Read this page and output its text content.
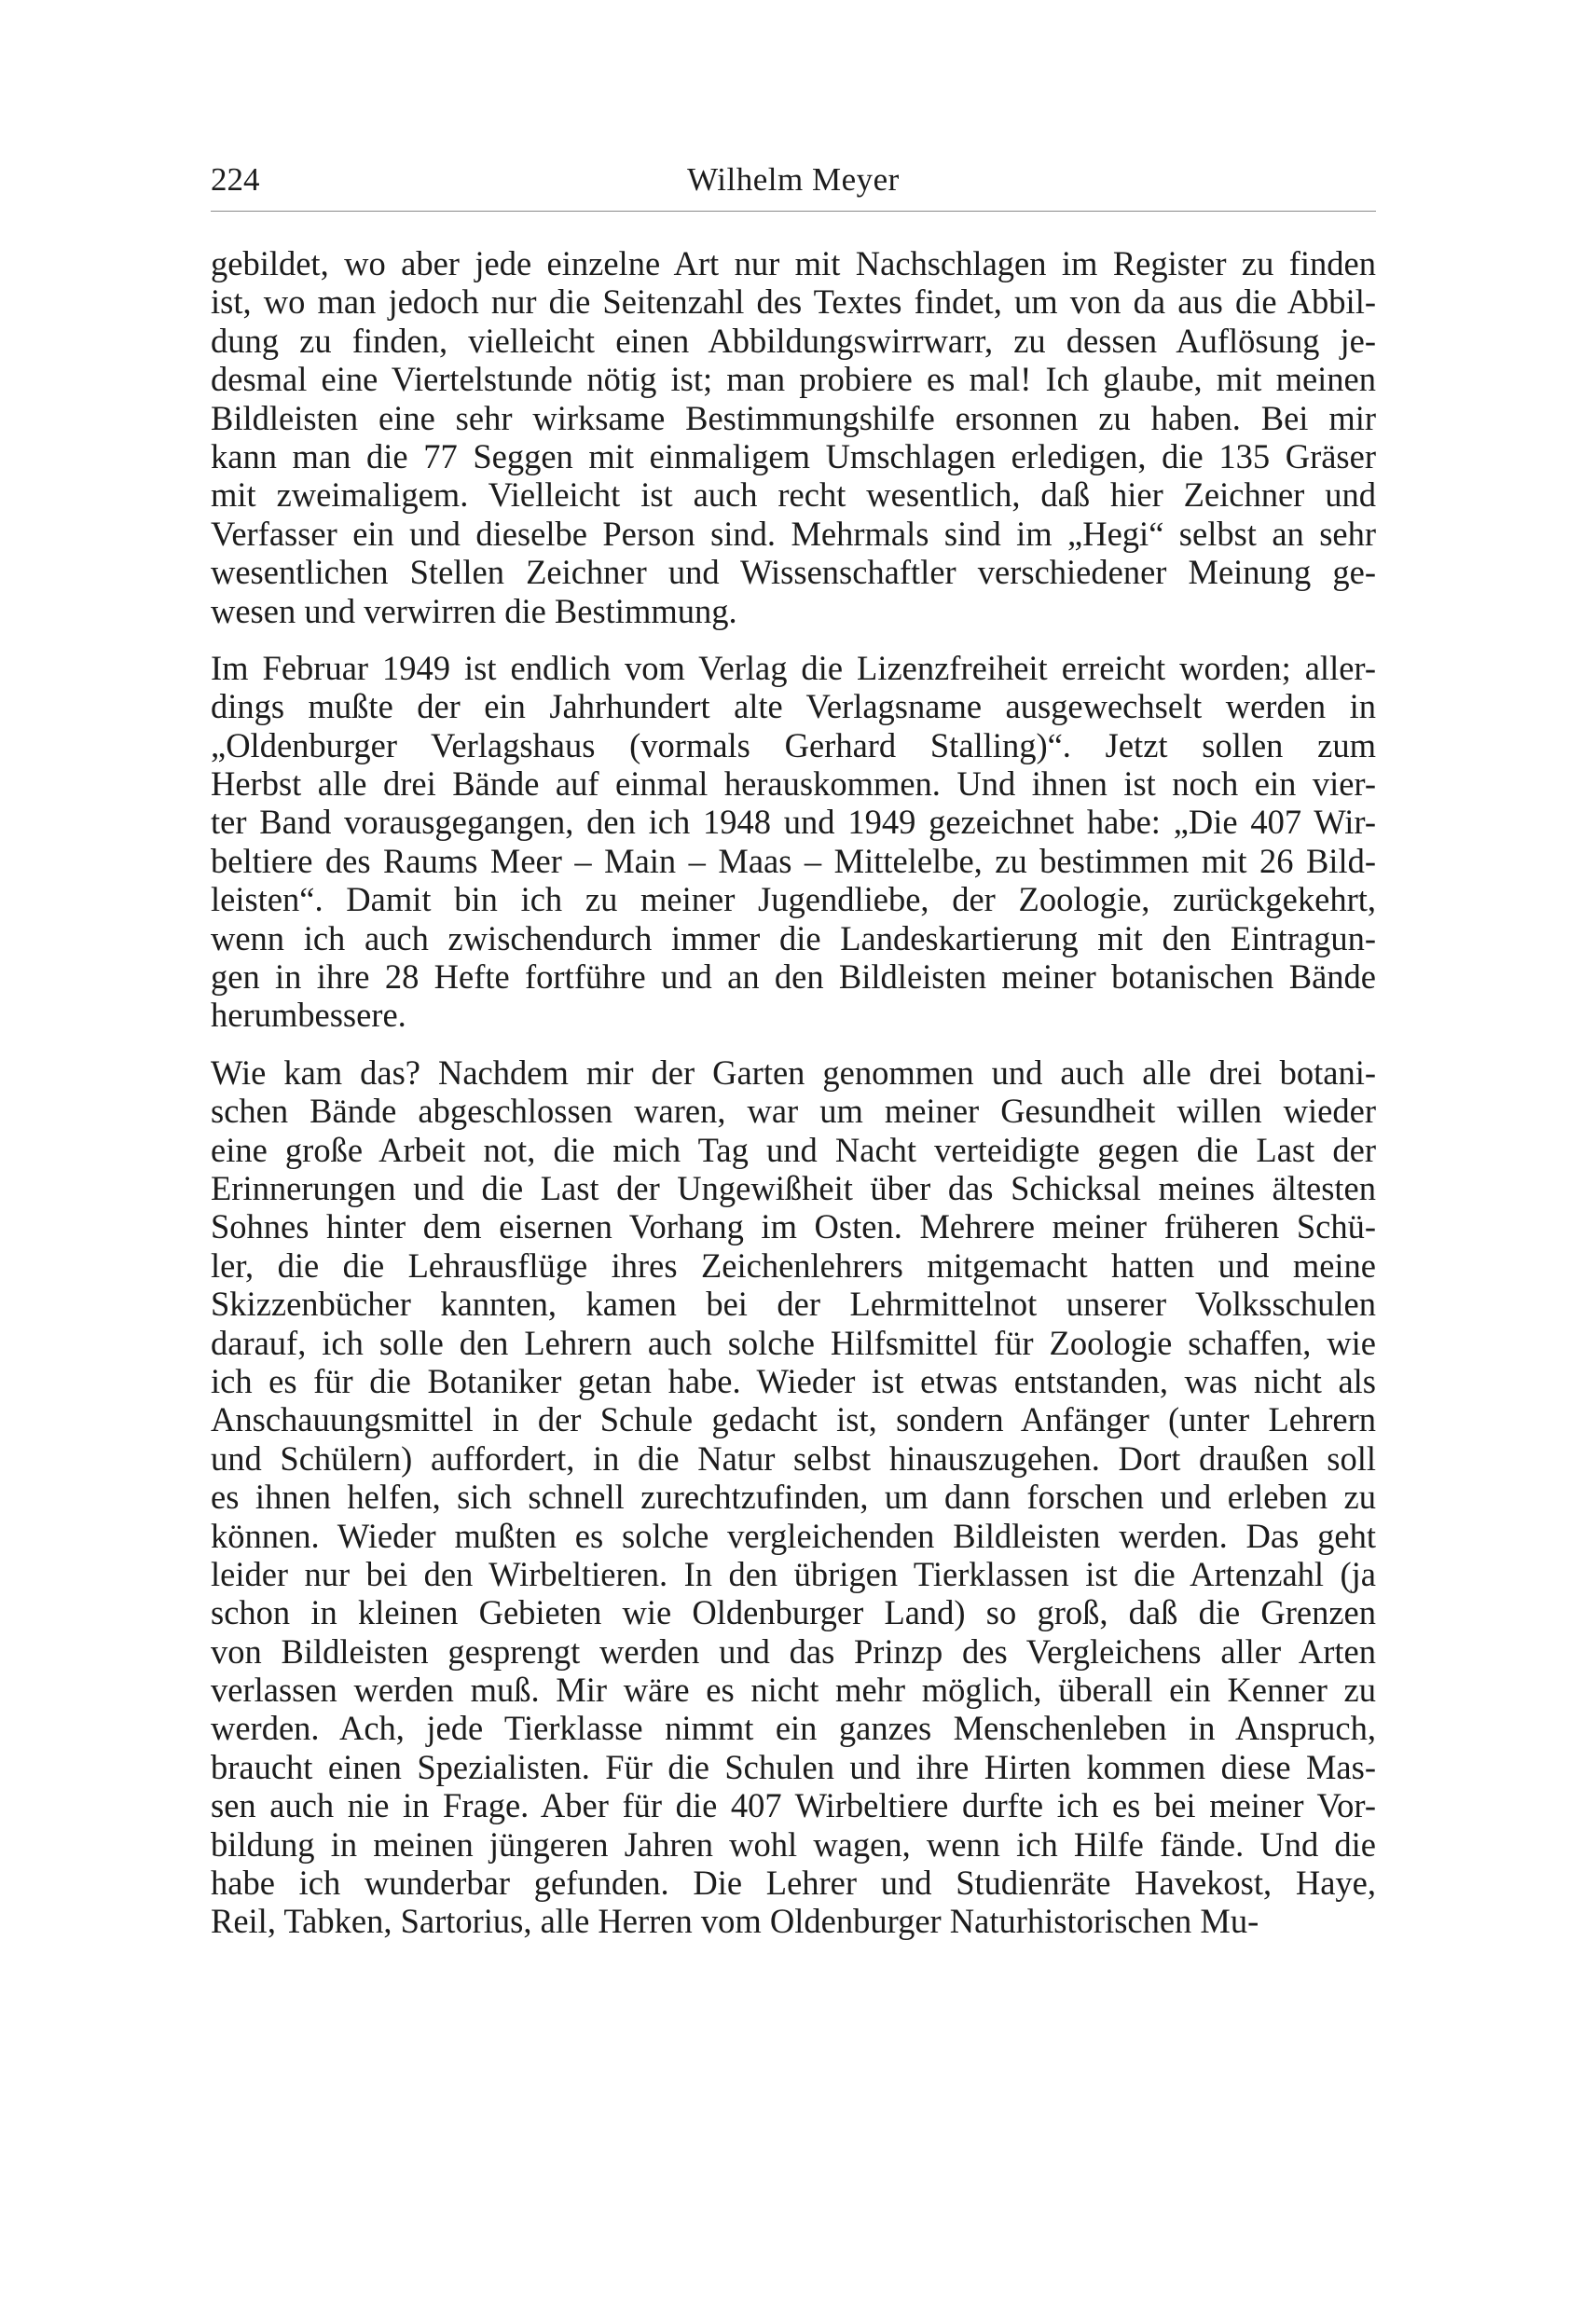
224	Wilhelm Meyer
gebildet, wo aber jede einzelne Art nur mit Nachschlagen im Register zu finden
ist, wo man jedoch nur die Seitenzahl des Textes findet, um von da aus die Abbil-
dung zu finden, vielleicht einen Abbildungswirrwarr, zu dessen Auflösung je-
desmal eine Viertelstunde nötig ist; man probiere es mal! Ich glaube, mit meinen
Bildleisten eine sehr wirksame Bestimmungshilfe ersonnen zu haben. Bei mir
kann man die 77 Seggen mit einmaligem Umschlagen erledigen, die 135 Gräser
mit zweimaligem. Vielleicht ist auch recht wesentlich, daß hier Zeichner und
Verfasser ein und dieselbe Person sind. Mehrmals sind im „Hegi“ selbst an sehr
wesentlichen Stellen Zeichner und Wissenschaftler verschiedener Meinung ge-
wesen und verwirren die Bestimmung.
Im Februar 1949 ist endlich vom Verlag die Lizenzfreiheit erreicht worden; aller-
dings mußte der ein Jahrhundert alte Verlagsname ausgewechselt werden in
„Oldenburger Verlagshaus (vormals Gerhard Stalling)“. Jetzt sollen zum
Herbst alle drei Bände auf einmal herauskommen. Und ihnen ist noch ein vier-
ter Band vorausgegangen, den ich 1948 und 1949 gezeichnet habe: „Die 407 Wir-
beltiere des Raums Meer – Main – Maas – Mittelelbe, zu bestimmen mit 26 Bild-
leisten“. Damit bin ich zu meiner Jugendliebe, der Zoologie, zurückgekehrt,
wenn ich auch zwischendurch immer die Landeskartierung mit den Eintragun-
gen in ihre 28 Hefte fortführe und an den Bildleisten meiner botanischen Bände
herumbessere.
Wie kam das? Nachdem mir der Garten genommen und auch alle drei botani-
schen Bände abgeschlossen waren, war um meiner Gesundheit willen wieder
eine große Arbeit not, die mich Tag und Nacht verteidigte gegen die Last der
Erinnerungen und die Last der Ungewißheit über das Schicksal meines ältesten
Sohnes hinter dem eisernen Vorhang im Osten. Mehrere meiner früheren Schü-
ler, die die Lehrausflüge ihres Zeichenlehrers mitgemacht hatten und meine
Skizzenbücher kannten, kamen bei der Lehrmittelnot unserer Volksschulen
darauf, ich solle den Lehrern auch solche Hilfsmittel für Zoologie schaffen, wie
ich es für die Botaniker getan habe. Wieder ist etwas entstanden, was nicht als
Anschauungsmittel in der Schule gedacht ist, sondern Anfänger (unter Lehrern
und Schülern) auffordert, in die Natur selbst hinauszugehen. Dort draußen soll
es ihnen helfen, sich schnell zurechtzufinden, um dann forschen und erleben zu
können. Wieder mußten es solche vergleichenden Bildleisten werden. Das geht
leider nur bei den Wirbeltieren. In den übrigen Tierklassen ist die Artenzahl (ja
schon in kleinen Gebieten wie Oldenburger Land) so groß, daß die Grenzen
von Bildleisten gesprengt werden und das Prinzp des Vergleichens aller Arten
verlassen werden muß. Mir wäre es nicht mehr möglich, überall ein Kenner zu
werden. Ach, jede Tierklasse nimmt ein ganzes Menschenleben in Anspruch,
braucht einen Spezialisten. Für die Schulen und ihre Hirten kommen diese Mas-
sen auch nie in Frage. Aber für die 407 Wirbeltiere durfte ich es bei meiner Vor-
bildung in meinen jüngeren Jahren wohl wagen, wenn ich Hilfe fände. Und die
habe ich wunderbar gefunden. Die Lehrer und Studienräte Havekost, Haye,
Reil, Tabken, Sartorius, alle Herren vom Oldenburger Naturhistorischen Mu-
